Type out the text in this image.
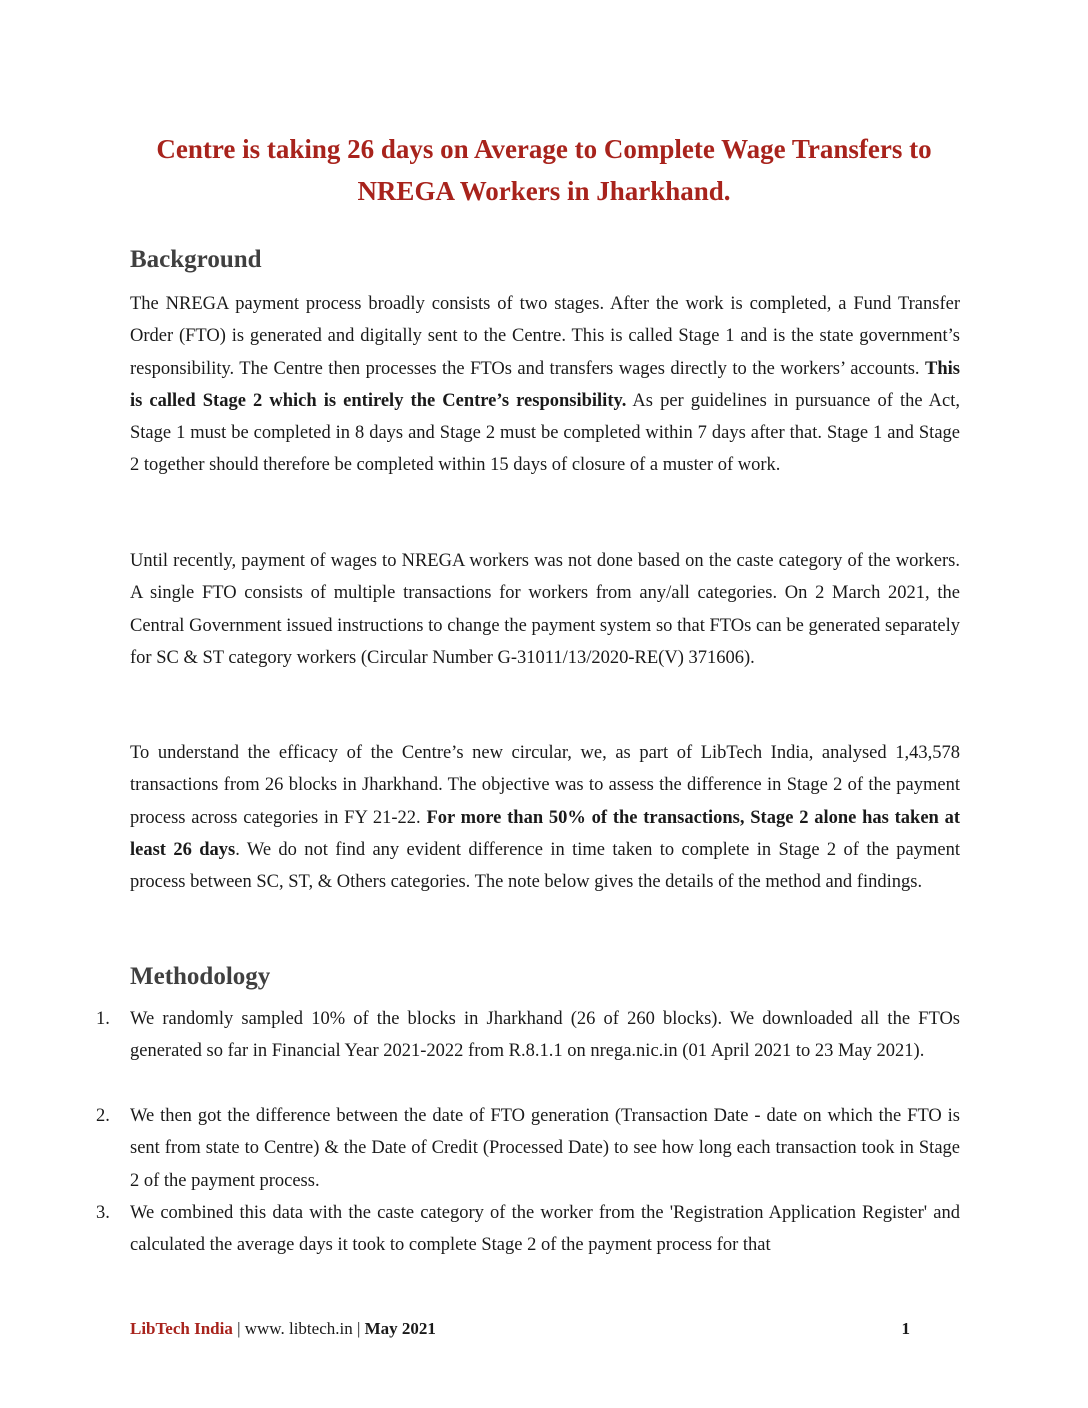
Centre is taking 26 days on Average to Complete Wage Transfers to
NREGA Workers in Jharkhand.
Background

The NREGA payment process broadly consists of two stages. After the work is completed, a Fund Transfer Order (FTO) is generated and digitally sent to the Centre. This is called Stage 1 and is the state government’s responsibility. The Centre then processes the FTOs and transfers wages directly to the workers’ accounts. This is called Stage 2 which is entirely the Centre’s responsibility. As per guidelines in pursuance of the Act, Stage 1 must be completed in 8 days and Stage 2 must be completed within 7 days after that. Stage 1 and Stage 2 together should therefore be completed within 15 days of closure of a muster of work.

Until recently, payment of wages to NREGA workers was not done based on the caste category of the workers. A single FTO consists of multiple transactions for workers from any/all categories. On 2 March 2021, the Central Government issued instructions to change the payment system so that FTOs can be generated separately for SC & ST category workers (Circular Number G-31011/13/2020-RE(V) 371606).

To understand the efficacy of the Centre’s new circular, we, as part of LibTech India, analysed 1,43,578 transactions from 26 blocks in Jharkhand. The objective was to assess the difference in Stage 2 of the payment process across categories in FY 21-22. For more than 50% of the transactions, Stage 2 alone has taken at least 26 days. We do not find any evident difference in time taken to complete in Stage 2 of the payment process between SC, ST, & Others categories. The note below gives the details of the method and findings.

Methodology
1.	We randomly sampled 10% of the blocks in Jharkhand (26 of 260 blocks). We downloaded all the FTOs generated so far in Financial Year 2021-2022 from R.8.1.1 on nrega.nic.in (01 April 2021 to 23 May 2021).
2.	We then got the difference between the date of FTO generation (Transaction Date - date on which the FTO is sent from state to Centre) & the Date of Credit (Processed Date) to see how long each transaction took in Stage 2 of the payment process.
3.	We combined this data with the caste category of the worker from the 'Registration Application Register' and calculated the average days it took to complete Stage 2 of the payment process for that
LibTech India | www. libtech.in | May 2021	1
